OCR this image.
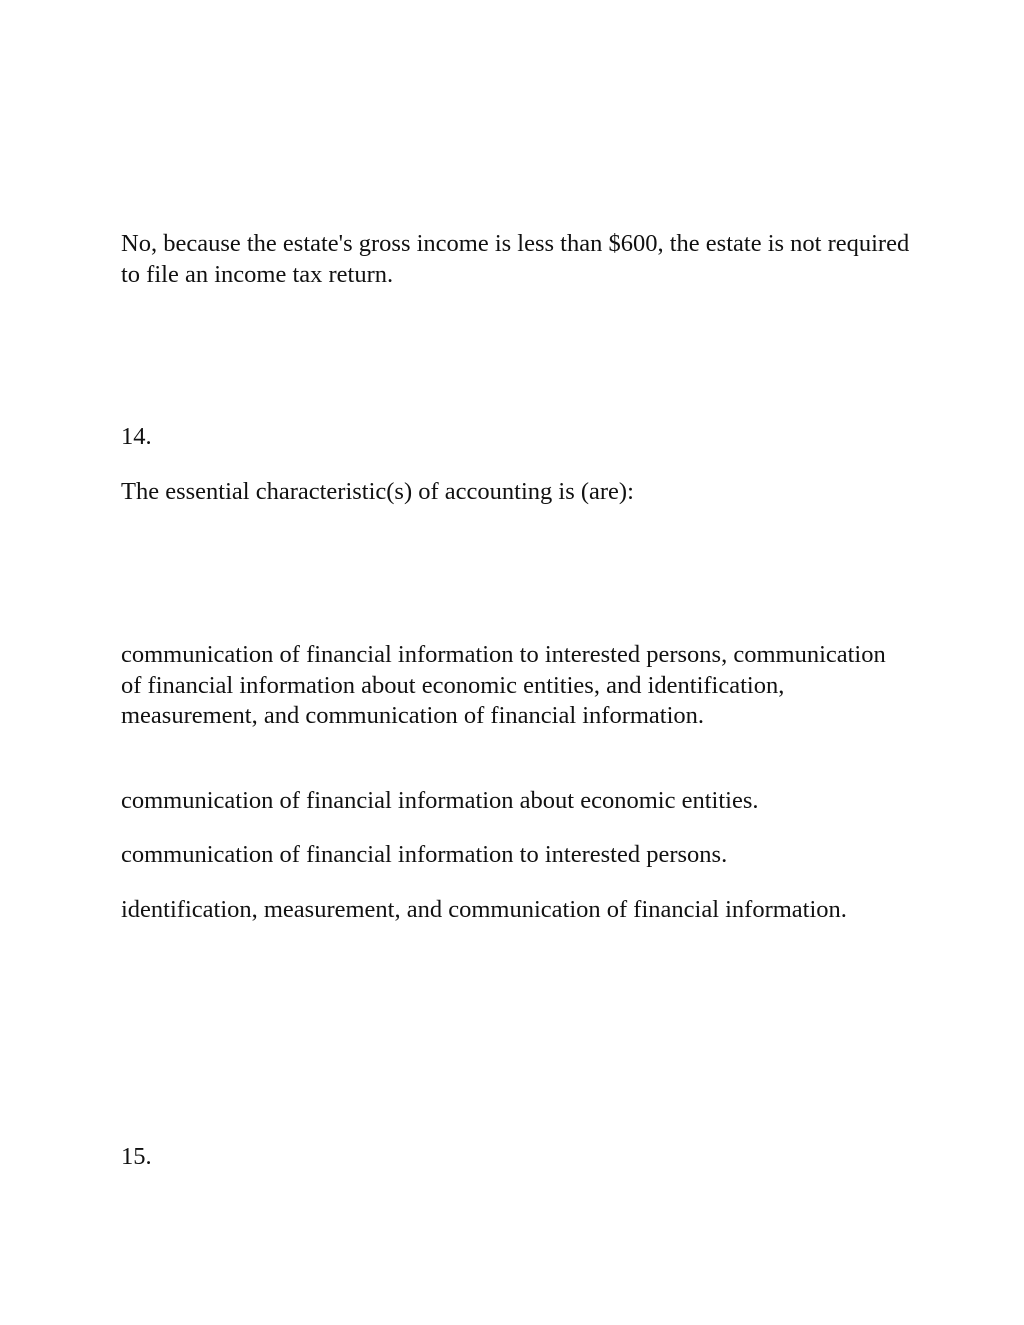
No, because the estate's gross income is less than $600, the estate is not required to file an income tax return.

14.

The essential characteristic(s) of accounting is (are):

communication of financial information to interested persons, communication of financial information about economic entities, and identification, measurement, and communication of financial information.

communication of financial information about economic entities.

communication of financial information to interested persons.

identification, measurement, and communication of financial information.

15.
